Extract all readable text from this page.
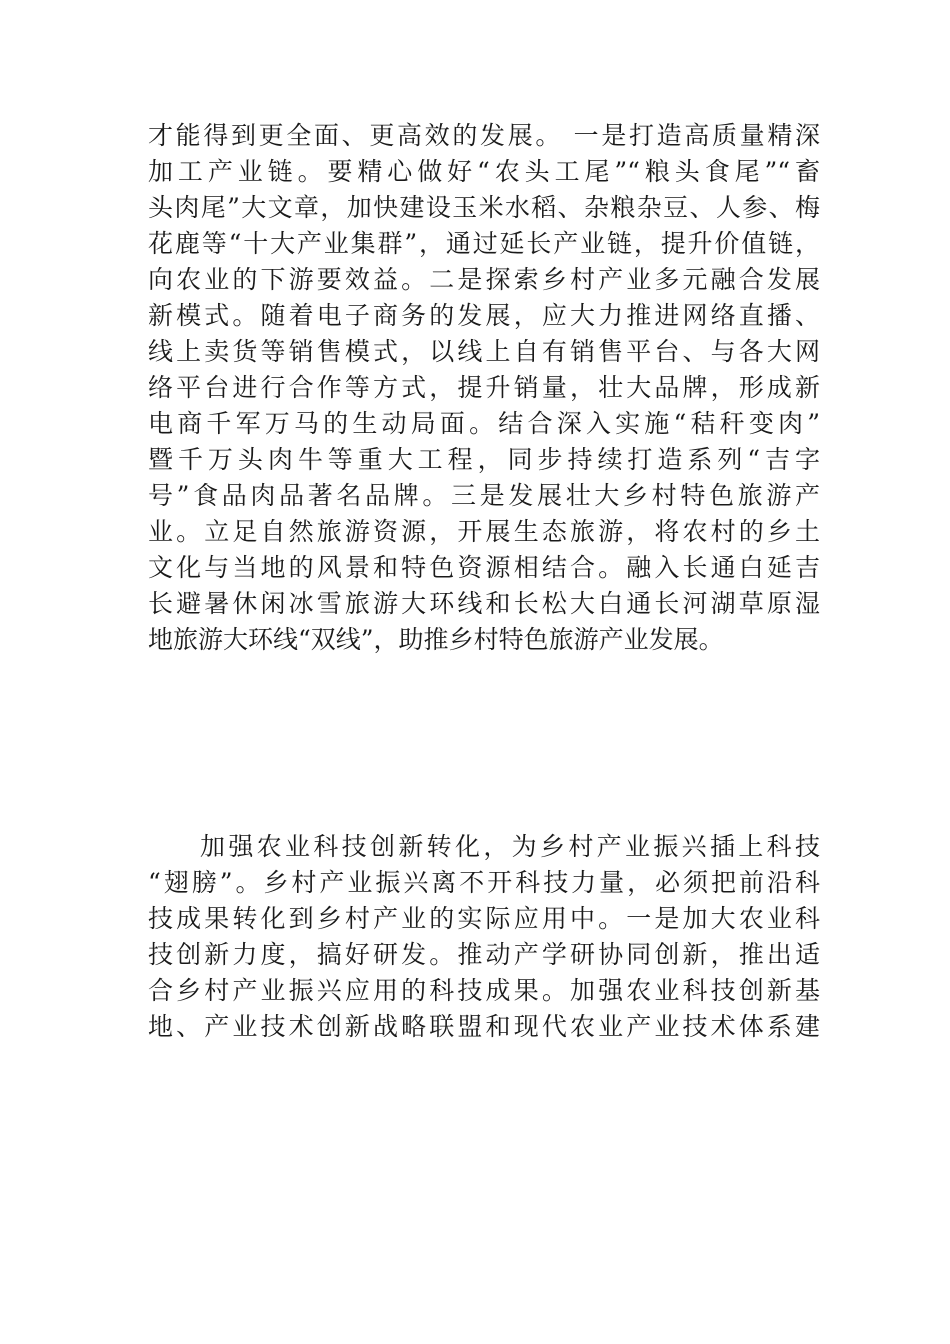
才能得到更全面、更高效的发展。 一是打造高质量精深
加工产业链。要精心做好“农头工尾”“粮头食尾”“畜
头肉尾”大文章，加快建设玉米水稻、杂粮杂豆、人参、梅
花鹿等“十大产业集群”，通过延长产业链，提升价值链，
向农业的下游要效益。二是探索乡村产业多元融合发展
新模式。随着电子商务的发展，应大力推进网络直播、
线上卖货等销售模式，以线上自有销售平台、与各大网
络平台进行合作等方式，提升销量，壮大品牌，形成新
电商千军万马的生动局面。结合深入实施“秸秆变肉”
暨千万头肉牛等重大工程，同步持续打造系列“吉字
号”食品肉品著名品牌。三是发展壮大乡村特色旅游产
业。立足自然旅游资源，开展生态旅游，将农村的乡土
文化与当地的风景和特色资源相结合。融入长通白延吉
长避暑休闲冰雪旅游大环线和长松大白通长河湖草原湿
地旅游大环线“双线”，助推乡村特色旅游产业发展。
加强农业科技创新转化，为乡村产业振兴插上科技
“翅膀”。乡村产业振兴离不开科技力量，必须把前沿科
技成果转化到乡村产业的实际应用中。一是加大农业科
技创新力度，搞好研发。推动产学研协同创新，推出适
合乡村产业振兴应用的科技成果。加强农业科技创新基
地、产业技术创新战略联盟和现代农业产业技术体系建
